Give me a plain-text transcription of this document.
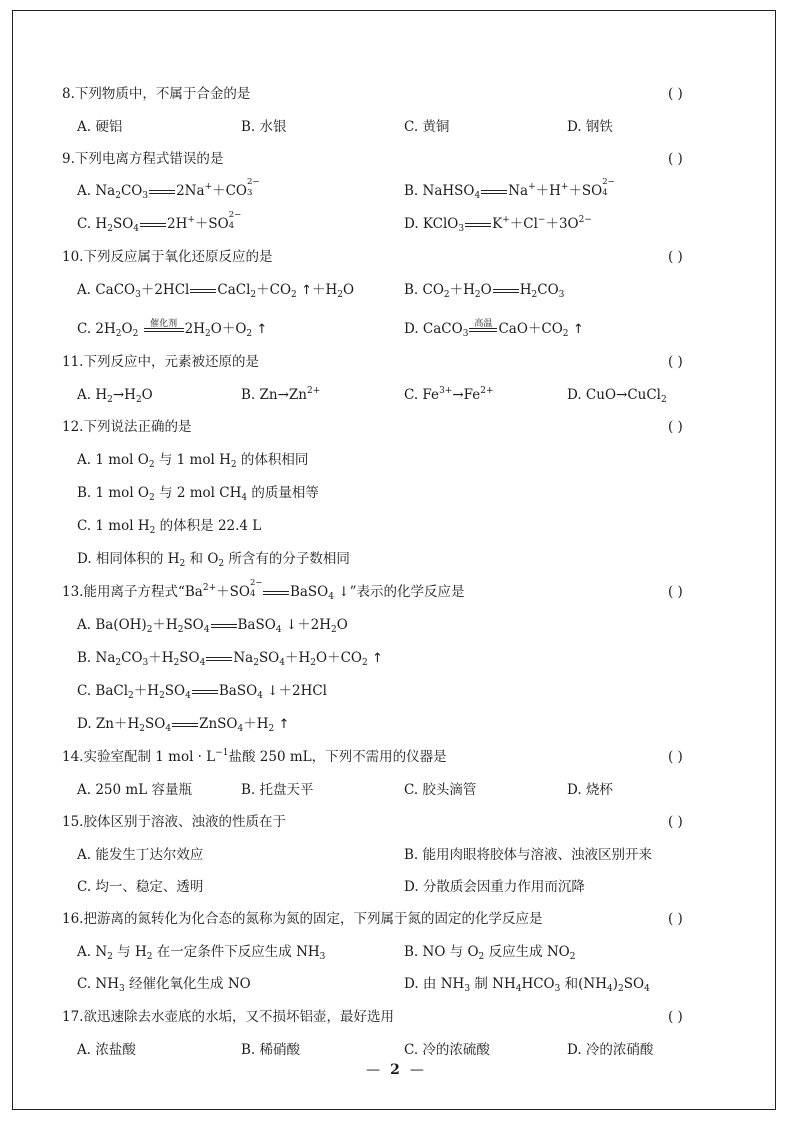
8.下列物质中，不属于合金的是	( )
A. 硬铝	B. 水银	C. 黄铜	D. 钢铁
9.下列电离方程式错误的是	( )
A. $Na_2CO_3$ 2Na+＋CO
2−
3	B. NaHSO$_4$ Na+＋H+＋SO
2−
4
C. $H_2SO_4$ 2H+＋SO
2−
4	D. KClO$_3$ $K^++Cl^-+3O^{2-}$
10.下列反应属于氧化还原反应的是	( )
A. CaCO$_3$＋2HCl $CaCl_2+CO_2$ $↑+H_2O$	B. $CO_2+H_2O$ $H_2CO_3$
C. $2H_2O_2$
催化剂 $2H_2O+O_2$ ↑	D. CaCO$_3$
高温 $CaO+CO_2$ ↑
11.下列反应中，元素被还原的是	( )
A. $H_2\to H_2O$	B. $Zn\to Zn^{2+}$	C. $Fe^{3+}\to Fe^{2+}$	D. CuO→CuCl$_2$
12.下列说法正确的是	( )
A. 1 mol $O_2$ 与 1 mol $H_2$ 的体积相同
B. 1 mol $O_2$ 与 2 mol $CH_4$ 的质量相等
C. 1 mol $H_2$ 的体积是 22.4 L
D. 相同体积的 $H_2$ 和 $O_2$ 所含有的分子数相同
13.能用离子方程式“$Ba^{2+}+SO$
2−
4	BaSO$_4$ ↓”表示的化学反应是	( )
A. $Ba(OH)_2+H_2SO_4$ BaSO$_4$ $↓+2H_2O$
B. $Na_2CO_3+H_2SO_4$ $Na_2SO_4+H_2O+CO_2$ ↑
C. $BaCl_2+H_2SO_4$ BaSO$_4$ ↓＋2HCl
D. $Zn+H_2SO_4$ $ZnSO_4+H_2$ ↑
14.实验室配制 1 mol · $L^{-1}$盐酸 250 mL，下列不需用的仪器是	( )
A. 250 mL 容量瓶	B. 托盘天平	C. 胶头滴管	D. 烧杯
15.胶体区别于溶液、浊液的性质在于	( )
A. 能发生丁达尔效应	B. 能用肉眼将胶体与溶液、浊液区别开来
C. 均一、稳定、透明	D. 分散质会因重力作用而沉降
16.把游离的氮转化为化合态的氮称为氮的固定，下列属于氮的固定的化学反应是	( )
A. $N_2$ 与 $H_2$ 在一定条件下反应生成 $NH_3$	B. NO 与 $O_2$ 反应生成 $NO_2$
C. $NH_3$ 经催化氧化生成 NO	D. 由 $NH_3$ 制 $NH_4HCO_3$ 和$(NH_4)_2SO_4$
17.欲迅速除去水壶底的水垢，又不损坏铝壶，最好选用	( )
A. 浓盐酸	B. 稀硝酸	C. 冷的浓硫酸	D. 冷的浓硝酸
— 2 —
